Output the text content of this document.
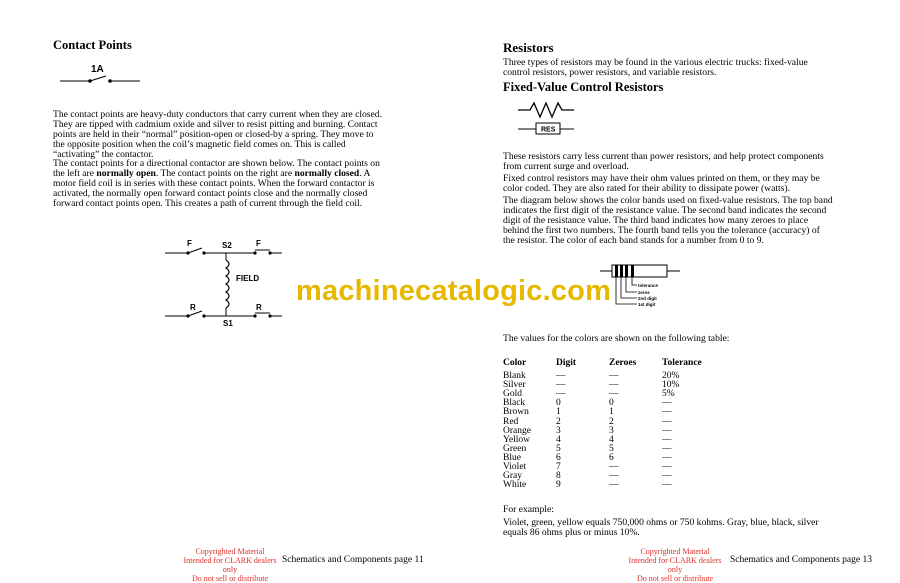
Contact Points
1A

The contact points are heavy-duty conductors that carry current when they are closed. They are tipped with cadmium oxide and silver to resist pitting and burning. Contact points are held in their “normal” position-open or closed-by a spring. They move to the opposite position when the coil’s magnetic field comes on. This is called “activating” the contactor.

The contact points for a directional contactor are shown below. The contact points on the left are normally open. The contact points on the right are normally closed. A motor field coil is in series with these contact points. When the forward contactor is activated, the normally open forward contact points close and the normally closed forward contact points open. This creates a path of current through the field coil.

F	S2	F
FIELD
R	R
S1
Copyrighted Material
Intended for CLARK dealers only
Do not sell or distribute
Schematics and Components page 11
Resistors

Three types of resistors may be found in the various electric trucks: fixed-value control resistors, power resistors, and variable resistors.

Fixed-Value Control Resistors
RES

These resistors carry less current than power resistors, and help protect components from current surge and overload.

Fixed control resistors may have their ohm values printed on them, or they may be color coded. They are also rated for their ability to dissipate power (watts).

The diagram below shows the color bands used on fixed-value resistors. The top band indicates the first digit of the resistance value. The second band indicates the second digit of the resistance value. The third band indicates how many zeroes to place behind the first two numbers. The fourth band tells you the tolerance (accuracy) of the resistor. The color of each band stands for a number from 0 to 9.

tolerance
zeros
2nd digit
1st digit

The values for the colors are shown on the following table:

Color	Digit	Zeroes	Tolerance
Blank	—	—	20%
Silver	—	—	10%
Gold	—	—	5%
Black	0	0	—
Brown	1	1	—
Red	2	2	—
Orange	3	3	—
Yellow	4	4	—
Green	5	5	—
Blue	6	6	—
Violet	7	—	—
Gray	8	—	—
White	9	—	—

For example:

Violet, green, yellow equals 750,000 ohms or 750 kohms. Gray, blue, black, silver equals 86 ohms plus or minus 10%.

Copyrighted Material
Intended for CLARK dealers only
Do not sell or distribute
Schematics and Components page 13
machinecatalogic.com
